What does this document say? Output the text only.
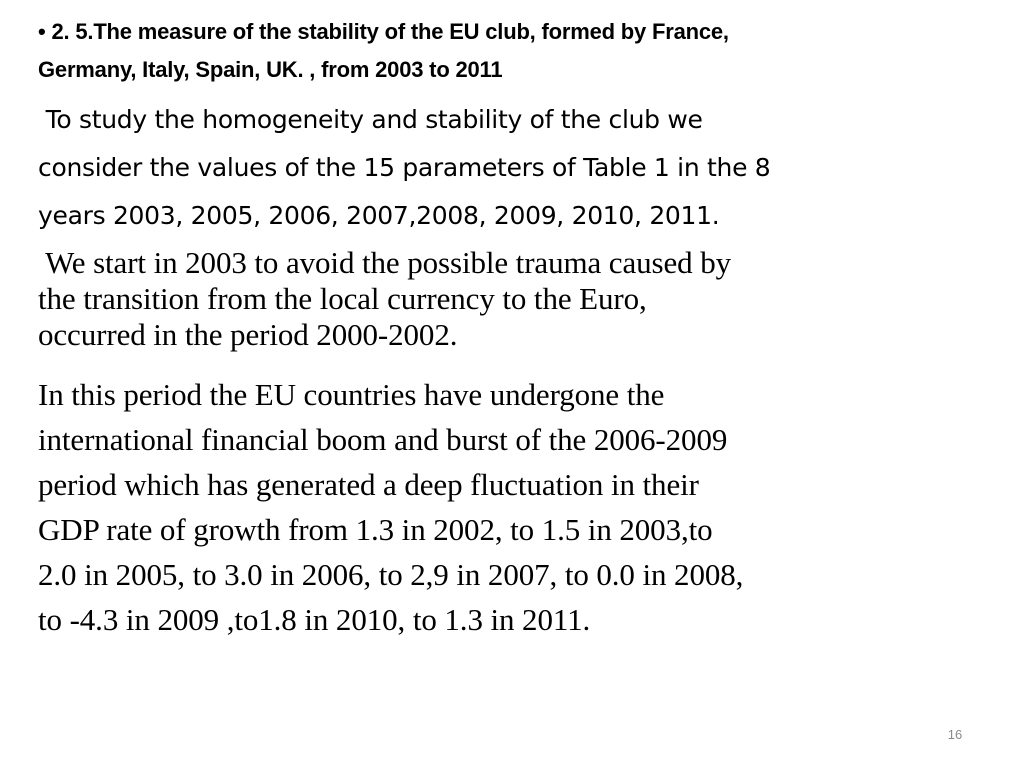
• 2. 5.The measure of the stability of the EU club, formed by France,
Germany, Italy, Spain, UK. , from 2003 to 2011
To study the homogeneity and stability of the club we
consider the values of the 15 parameters of Table 1 in the 8
years 2003, 2005, 2006, 2007,2008, 2009, 2010, 2011.
We start in 2003 to avoid the possible trauma caused by
the transition from the local currency to the Euro,
occurred in the period 2000-2002.
In this period the EU countries have undergone the
international financial boom and burst of the 2006-2009
period which has generated a deep fluctuation in their
GDP rate of growth from 1.3 in 2002, to 1.5 in 2003,to
2.0 in 2005, to 3.0 in 2006, to 2,9 in 2007, to 0.0 in 2008,
to -4.3 in 2009 ,to1.8 in 2010, to 1.3 in 2011.
16
